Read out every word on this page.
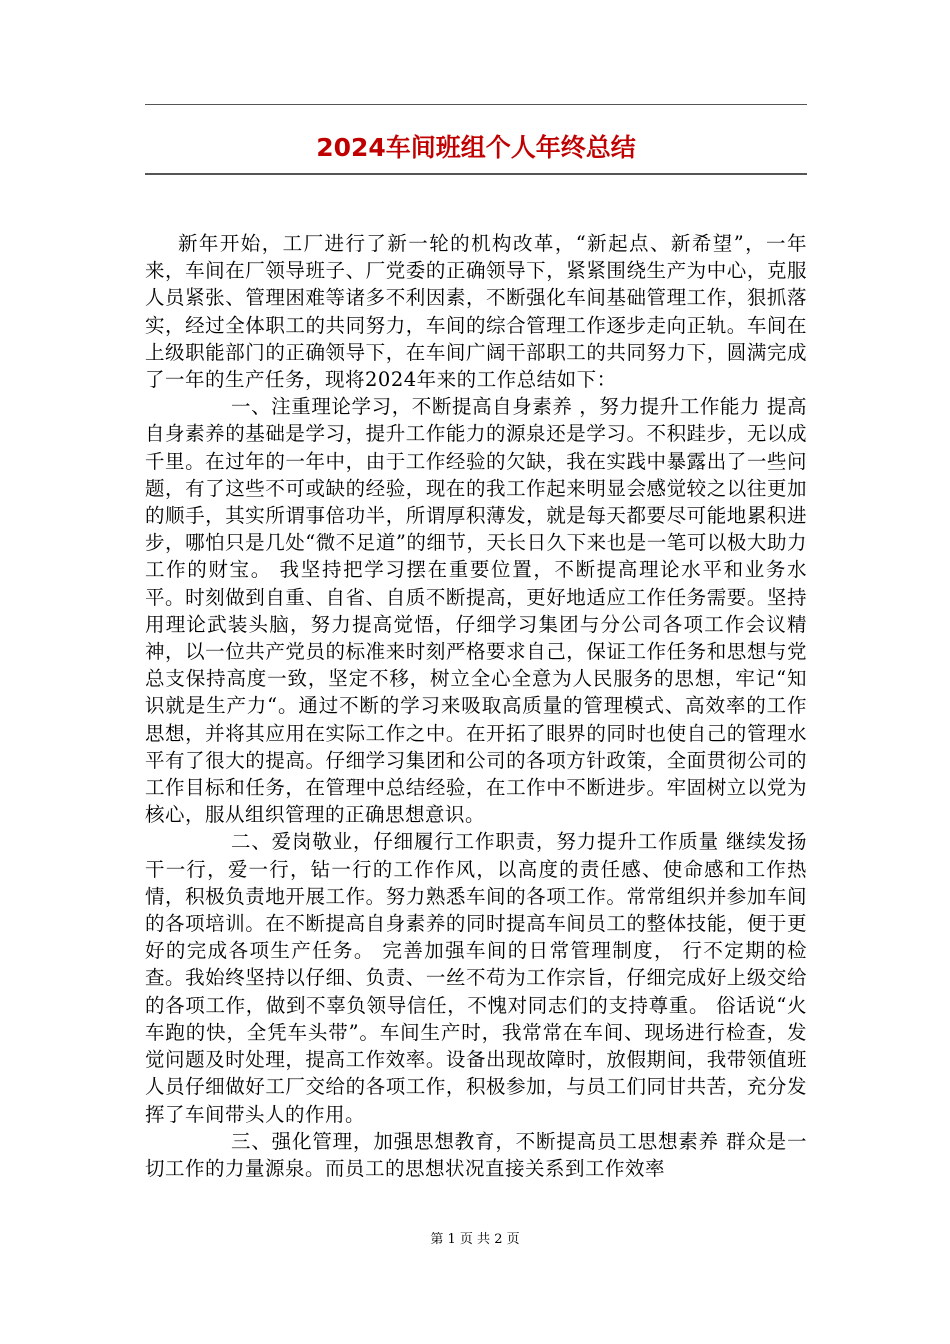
2024车间班组个人年终总结

新年开始，工厂进行了新一轮的机构改革，“新起点、新希望”，一年来，车间在厂领导班子、厂党委的正确领导下，紧紧围绕生产为中心，克服人员紧张、管理困难等诸多不利因素，不断强化车间基础管理工作，狠抓落实，经过全体职工的共同努力，车间的综合管理工作逐步走向正轨。车间在上级职能部门的正确领导下，在车间广阔干部职工的共同努力下，圆满完成了一年的生产任务，现将2024年来的工作总结如下：

一、注重理论学习，不断提高自身素养 ，努力提升工作能力 提高自身素养的基础是学习，提升工作能力的源泉还是学习。不积跬步，无以成千里。在过年的一年中，由于工作经验的欠缺，我在实践中暴露出了一些问题，有了这些不可或缺的经验，现在的我工作起来明显会感觉较之以往更加的顺手，其实所谓事倍功半，所谓厚积薄发，就是每天都要尽可能地累积进步，哪怕只是几处“微不足道”的细节，天长日久下来也是一笔可以极大助力工作的财宝。 我坚持把学习摆在重要位置，不断提高理论水平和业务水平。时刻做到自重、自省、自质不断提高，更好地适应工作任务需要。坚持用理论武装头脑，努力提高觉悟，仔细学习集团与分公司各项工作会议精神，以一位共产党员的标准来时刻严格要求自己，保证工作任务和思想与党总支保持高度一致，坚定不移，树立全心全意为人民服务的思想，牢记“知识就是生产力“。通过不断的学习来吸取高质量的管理模式、高效率的工作思想，并将其应用在实际工作之中。在开拓了眼界的同时也使自己的管理水平有了很大的提高。仔细学习集团和公司的各项方针政策，全面贯彻公司的工作目标和任务，在管理中总结经验，在工作中不断进步。牢固树立以党为核心，服从组织管理的正确思想意识。

二、爱岗敬业，仔细履行工作职责，努力提升工作质量 继续发扬干一行，爱一行，钻一行的工作作风，以高度的责任感、使命感和工作热情，积极负责地开展工作。努力熟悉车间的各项工作。常常组织并参加车间的各项培训。在不断提高自身素养的同时提高车间员工的整体技能，便于更好的完成各项生产任务。 完善加强车间的日常管理制度， 行不定期的检查。我始终坚持以仔细、负责、一丝不苟为工作宗旨，仔细完成好上级交给的各项工作，做到不辜负领导信任，不愧对同志们的支持尊重。 俗话说“火车跑的快，全凭车头带”。车间生产时，我常常在车间、现场进行检查，发觉问题及时处理，提高工作效率。设备出现故障时，放假期间，我带领值班人员仔细做好工厂交给的各项工作，积极参加，与员工们同甘共苦，充分发挥了车间带头人的作用。

三、强化管理，加强思想教育，不断提高员工思想素养 群众是一切工作的力量源泉。而员工的思想状况直接关系到工作效率

第 1 页 共 2 页
